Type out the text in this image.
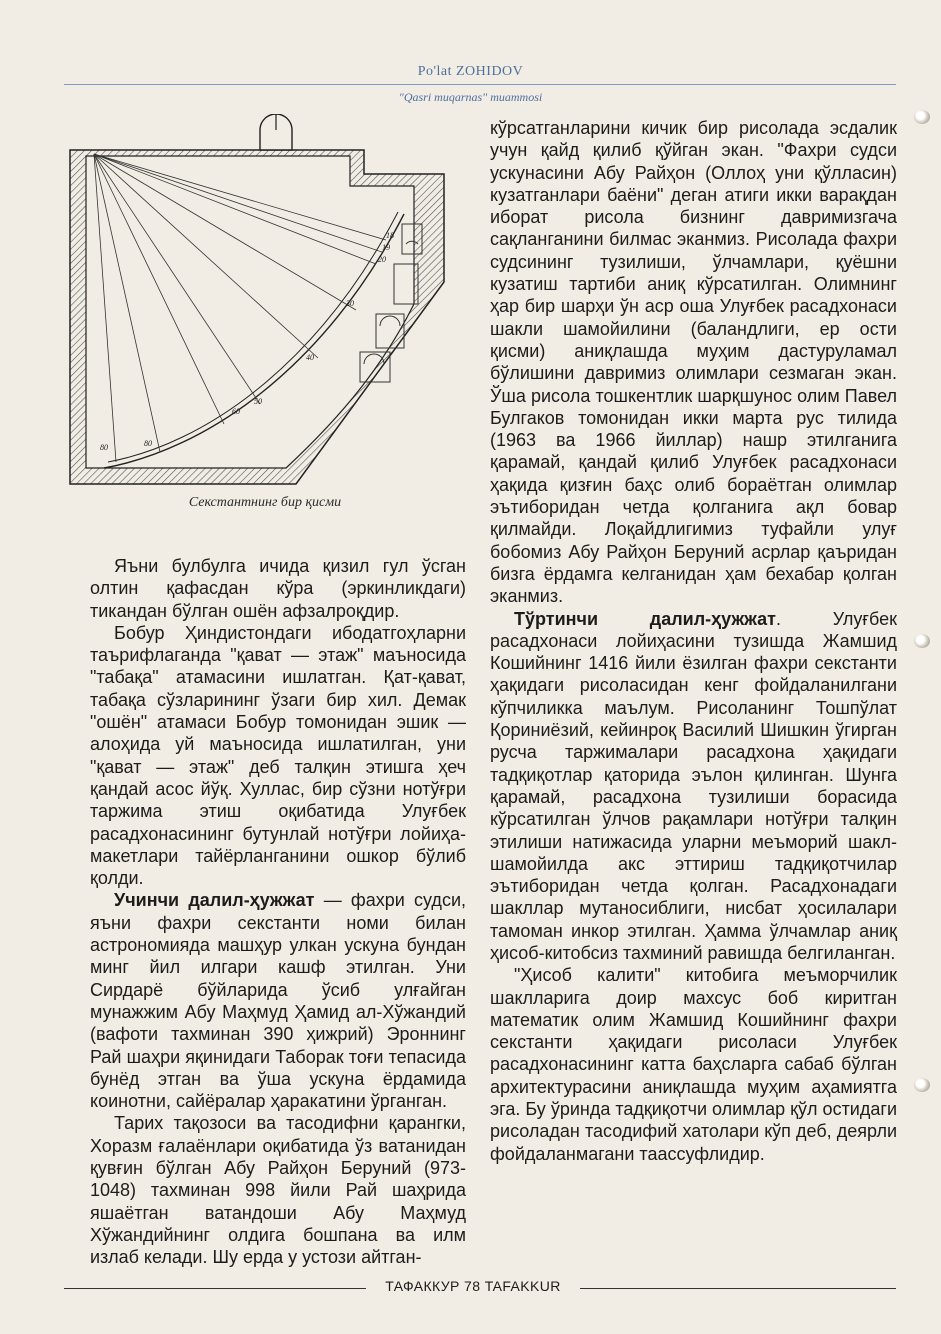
Po'lat ZOHIDOV
"Qasri muqarnas" muammosi
18
19
20
30
40
50
60
80	80
Секстантнинг бир қисми

Яъни булбулга ичида қизил гул ўсган олтин қафасдан кўра (эркинликдаги) тикандан бўлган ошён афзалроқдир.

Бобур Ҳиндистондаги ибодатгоҳларни таърифлаганда "қават — этаж" маъносида "табақа" атамасини ишлатган. Қат-қават, табақа сўзларининг ўзаги бир хил. Демак "ошён" атамаси Бобур томонидан эшик — алоҳида уй маъносида ишлатилган, уни "қават — этаж" деб талқин этишга ҳеч қандай асос йўқ. Хуллас, бир сўзни нотўғри таржима этиш оқибатида Улуғбек расадхонасининг бутунлай нотўғри лойиҳа-макетлари тайёрланганини ошкор бўлиб қолди.

Учинчи далил-ҳужжат — фахри судси, яъни фахри секстанти номи билан астрономияда машҳур улкан ускуна бундан минг йил илгари кашф этилган. Уни Сирдарё бўйларида ўсиб улғайган мунажжим Абу Маҳмуд Ҳамид ал-Хўжандий (вафоти тахминан 390 ҳижрий) Эроннинг Рай шаҳри яқинидаги Таборак тоғи тепасида бунёд этган ва ўша ускуна ёрдамида коинотни, сайёралар ҳаракатини ўрганган.

Тарих тақозоси ва тасодифни қарангки, Хоразм ғалаёнлари оқибатида ўз ватанидан қувғин бўлган Абу Райҳон Беруний (973-1048) тахминан 998 йили Рай шаҳрида яшаётган ватандоши Абу Маҳмуд Хўжандийнинг олдига бошпана ва илм излаб келади. Шу ерда у устози айтган-

кўрсатганларини кичик бир рисолада эсдалик учун қайд қилиб қўйган экан. "Фахри судси ускунасини Абу Райҳон (Оллоҳ уни қўлласин) кузатганлари баёни" деган атиги икки варақдан иборат рисола бизнинг давримизгача сақланганини билмас эканмиз. Рисолада фахри судсининг тузилиши, ўлчамлари, қуёшни кузатиш тартиби аниқ кўрсатилган. Олимнинг ҳар бир шарҳи ўн аср оша Улуғбек расадхонаси шакли шамойилини (баландлиги, ер ости қисми) аниқлашда муҳим дастуруламал бўлишини давримиз олимлари сезмаган экан. Ўша рисола тошкентлик шарқшунос олим Павел Булгаков томонидан икки марта рус тилида (1963 ва 1966 йиллар) нашр этилганига қарамай, қандай қилиб Улуғбек расадхонаси ҳақида қизғин баҳс олиб бораётган олимлар эътиборидан четда қолганига ақл бовар қилмайди. Лоқайдлигимиз туфайли улуғ бобомиз Абу Райҳон Беруний асрлар қаъридан бизга ёрдамга келганидан ҳам бехабар қолган эканмиз.

Тўртинчи далил-ҳужжат. Улуғбек расадхонаси лойиҳасини тузишда Жамшид Кошийнинг 1416 йили ёзилган фахри секстанти ҳақидаги рисоласидан кенг фойдаланилгани кўпчиликка маълум. Рисоланинг Тошпўлат Қориниёзий, кейинроқ Василий Шишкин ўгирган русча таржималари расадхона ҳақидаги тадқиқотлар қаторида эълон қилинган. Шунга қарамай, расадхона тузилиши борасида кўрсатилган ўлчов рақамлари нотўғри талқин этилиши натижасида уларни меъморий шакл-шамойилда акс эттириш тадқиқотчилар эътиборидан четда қолган. Расадхонадаги шакллар мутаносиблиги, нисбат ҳосилалари тамоман инкор этилган. Ҳамма ўлчамлар аниқ ҳисоб-китобсиз тахминий равишда белгиланган.

"Ҳисоб калити" китобига меъморчилик шаклларига доир махсус боб киритган математик олим Жамшид Кошийнинг фахри секстанти ҳақидаги рисоласи Улуғбек расадхонасининг катта баҳсларга сабаб бўлган архитектурасини аниқлашда муҳим аҳамиятга эга. Бу ўринда тадқиқотчи олимлар қўл остидаги рисоладан тасодифий хатолари кўп деб, деярли фойдаланмагани таассуфлидир.

ТАФАККУР 78 TAFAKKUR
